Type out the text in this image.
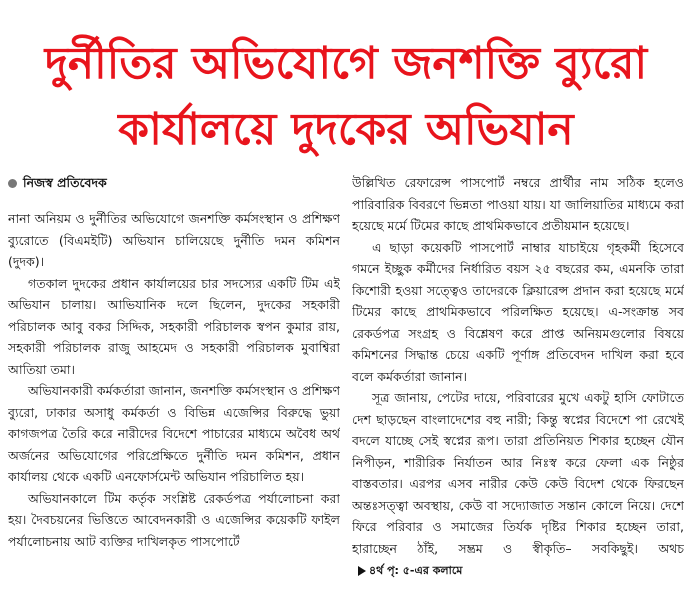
দুর্নীতির অভিযোগে জনশক্তি ব্যুরো
কার্যালয়ে দুদকের অভিযান
নিজস্ব প্রতিবেদক

নানা অনিয়ম ও দুর্নীতির অভিযোগে জনশক্তি কর্মসংস্থান ও প্রশিক্ষণ ব্যুরোতে (বিএমইটি) অভিযান চালিয়েছে দুর্নীতি দমন কমিশন (দুদক)।

গতকাল দুদকের প্রধান কার্যালয়ের চার সদস্যের একটি টিম এই অভিযান চালায়। আভিযানিক দলে ছিলেন, দুদকের সহকারী পরিচালক আবু বকর সিদ্দিক, সহকারী পরিচালক স্বপন কুমার রায়, সহকারী পরিচালক রাজু আহমেদ ও সহকারী পরিচালক মুবাশ্বিরা আতিয়া তমা।

অভিযানকারী কর্মকর্তারা জানান, জনশক্তি কর্মসংস্থান ও প্রশিক্ষণ ব্যুরো, ঢাকার অসাধু কর্মকর্তা ও বিভিন্ন এজেন্সির বিরুদ্ধে ভুয়া কাগজপত্র তৈরি করে নারীদের বিদেশে পাচারের মাধ্যমে অবৈধ অর্থ অর্জনের অভিযোগের পরিপ্রেক্ষিতে দুর্নীতি দমন কমিশন, প্রধান কার্যালয় থেকে একটি এনফোর্সমেন্ট অভিযান পরিচালিত হয়।

অভিযানকালে টিম কর্তৃক সংশ্লিষ্ট রেকর্ডপত্র পর্যালোচনা করা হয়। দৈবচয়নের ভিত্তিতে আবেদনকারী ও এজেন্সির কয়েকটি ফাইল পর্যালোচনায় আট ব্যক্তির দাখিলকৃত পাসপোর্টে

উল্লিখিত রেফারেন্স পাসপোর্ট নম্বরে প্রার্থীর নাম সঠিক হলেও পারিবারিক বিবরণে ভিন্নতা পাওয়া যায়। যা জালিয়াতির মাধ্যমে করা হয়েছে মর্মে টিমের কাছে প্রাথমিকভাবে প্রতীয়মান হয়েছে।

এ ছাড়া কয়েকটি পাসপোর্ট নাম্বার যাচাইয়ে গৃহকর্মী হিসেবে গমনে ইচ্ছুক কর্মীদের নির্ধারিত বয়স ২৫ বছরের কম, এমনকি তারা কিশোরী হওয়া সত্ত্বেও তাদেরকে ক্লিয়ারেন্স প্রদান করা হয়েছে মর্মে টিমের কাছে প্রাথমিকভাবে পরিলক্ষিত হয়েছে। এ-সংক্রান্ত সব রেকর্ডপত্র সংগ্রহ ও বিশ্লেষণ করে প্রাপ্ত অনিয়মগুলোর বিষয়ে কমিশনের সিদ্ধান্ত চেয়ে একটি পূর্ণাঙ্গ প্রতিবেদন দাখিল করা হবে বলে কর্মকর্তারা জানান।

সূত্র জানায়, পেটের দায়ে, পরিবারের মুখে একটু হাসি ফোটাতে দেশ ছাড়ছেন বাংলাদেশের বহু নারী; কিন্তু স্বপ্নের বিদেশে পা রেখেই বদলে যাচ্ছে সেই স্বপ্নের রূপ। তারা প্রতিনিয়ত শিকার হচ্ছেন যৌন নিপীড়ন, শারীরিক নির্যাতন আর নিঃস্ব করে ফেলা এক নিষ্ঠুর বাস্তবতার। এরপর এসব নারীর কেউ কেউ বিদেশ থেকে ফিরছেন অন্তঃসত্ত্বা অবস্থায়, কেউ বা সদ্যোজাত সন্তান কোলে নিয়ে। দেশে ফিরে পরিবার ও সমাজের তির্যক দৃষ্টির শিকার হচ্ছেন তারা, হারাচ্ছেন ঠাঁই, সম্ভ্রম ও স্বীকৃতি– সবকিছুই। অথচ৪র্থ পৃ: ৫-এর কলামে
